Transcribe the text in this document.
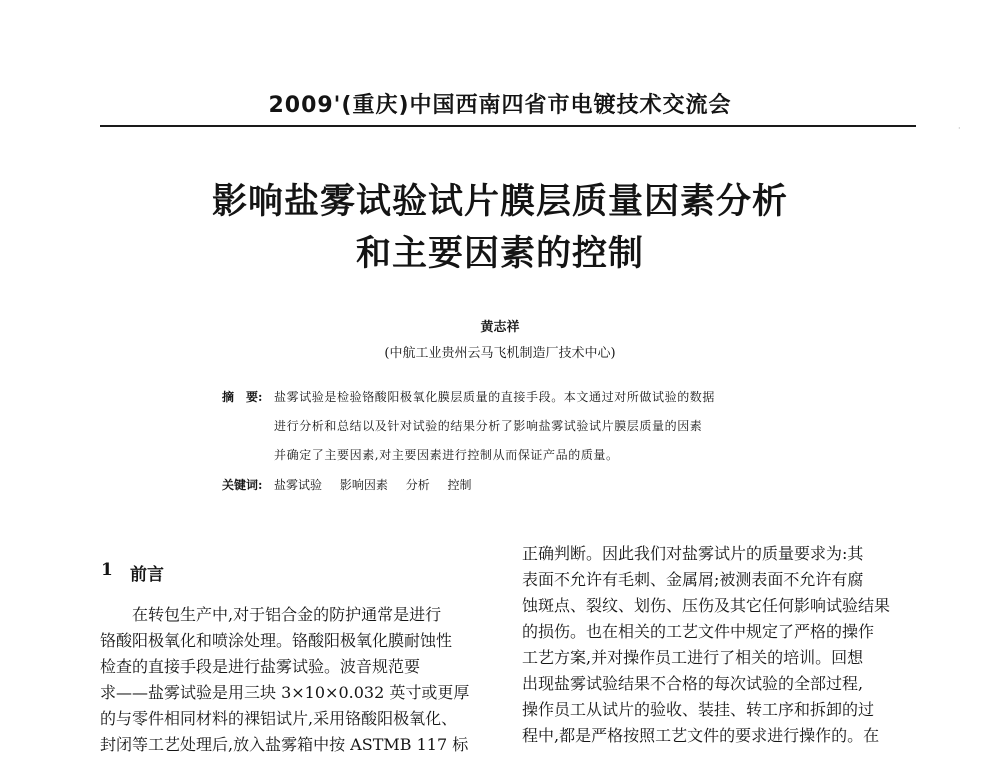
2009'(重庆)中国西南四省市电镀技术交流会
·
影响盐雾试验试片膜层质量因素分析
和主要因素的控制
黄志祥
(中航工业贵州云马飞机制造厂技术中心)
摘　要: 盐雾试验是检验铬酸阳极氧化膜层质量的直接手段。本文通过对所做试验的数据
进行分析和总结以及针对试验的结果分析了影响盐雾试验试片膜层质量的因素
并确定了主要因素,对主要因素进行控制从而保证产品的质量。
关键词: 盐雾试验 影响因素 分析 控制
1 前言
在转包生产中,对于铝合金的防护通常是进行
铬酸阳极氧化和喷涂处理。铬酸阳极氧化膜耐蚀性
检查的直接手段是进行盐雾试验。波音规范要
求——盐雾试验是用三块 3×10×0.032 英寸或更厚
的与零件相同材料的裸铝试片,采用铬酸阳极氧化、
封闭等工艺处理后,放入盐雾箱中按 ASTMB 117 标
正确判断。因此我们对盐雾试片的质量要求为:其
表面不允许有毛刺、金属屑;被测表面不允许有腐
蚀斑点、裂纹、划伤、压伤及其它任何影响试验结果
的损伤。也在相关的工艺文件中规定了严格的操作
工艺方案,并对操作员工进行了相关的培训。回想
出现盐雾试验结果不合格的每次试验的全部过程,
操作员工从试片的验收、装挂、转工序和拆卸的过
程中,都是严格按照工艺文件的要求进行操作的。在
